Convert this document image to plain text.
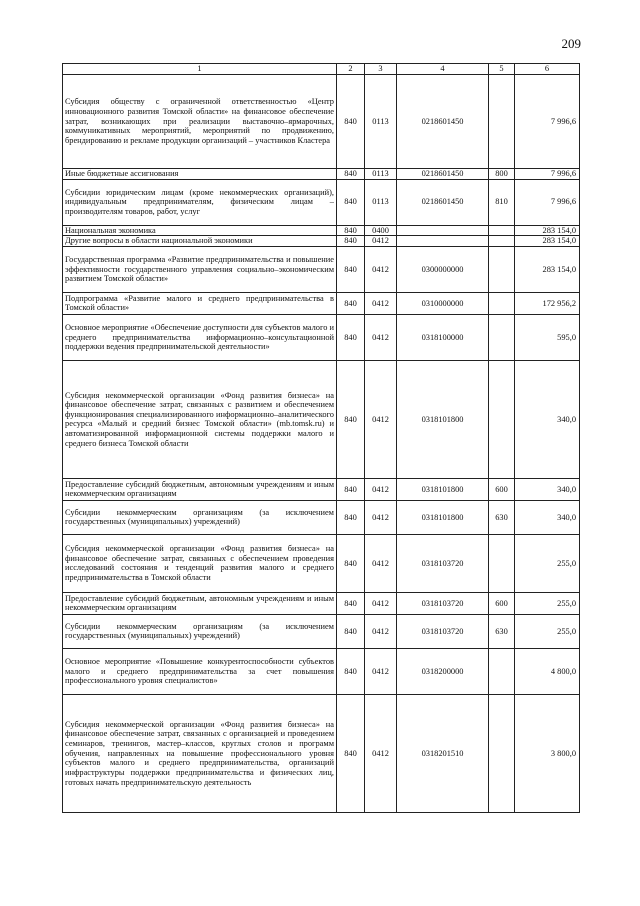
209
1	2	3	4	5	6
Субсидия обществу с ограниченной ответственностью «Центр инновационного развития Томской области» на финансовое обеспечение затрат, возникающих при реализации выставочно–ярмарочных, коммуникативных мероприятий, мероприятий по продвижению, брендированию и рекламе продукции организаций – участников Кластера	840	0113	0218601450		7 996,6
Иные бюджетные ассигнования	840	0113	0218601450	800	7 996,6
Субсидии юридическим лицам (кроме некоммерческих организаций), индивидуальным предпринимателям, физическим лицам – производителям товаров, работ, услуг	840	0113	0218601450	810	7 996,6
Национальная экономика	840	0400			283 154,0
Другие вопросы в области национальной экономики	840	0412			283 154,0
Государственная программа «Развитие предпринимательства и повышение эффективности государственного управления социально–экономическим развитием Томской области»	840	0412	0300000000		283 154,0
Подпрограмма «Развитие малого и среднего предпринимательства в Томской области»	840	0412	0310000000		172 956,2
Основное мероприятие «Обеспечение доступности для субъектов малого и среднего предпринимательства информационно–консультационной поддержки ведения предпринимательской деятельности»	840	0412	0318100000		595,0
Субсидия некоммерческой организации «Фонд развития бизнеса» на финансовое обеспечение затрат, связанных с развитием и обеспечением функционирования специализированного информационно–аналитического ресурса «Малый и средний бизнес Томской области» (mb.tomsk.ru) и автоматизированной информационной системы поддержки малого и среднего бизнеса Томской области	840	0412	0318101800		340,0
Предоставление субсидий бюджетным, автономным учреждениям и иным некоммерческим организациям	840	0412	0318101800	600	340,0
Субсидии некоммерческим организациям (за исключением государственных (муниципальных) учреждений)	840	0412	0318101800	630	340,0
Субсидия некоммерческой организации «Фонд развития бизнеса» на финансовое обеспечение затрат, связанных с обеспечением проведения исследований состояния и тенденций развития малого и среднего предпринимательства в Томской области	840	0412	0318103720		255,0
Предоставление субсидий бюджетным, автономным учреждениям и иным некоммерческим организациям	840	0412	0318103720	600	255,0
Субсидии некоммерческим организациям (за исключением государственных (муниципальных) учреждений)	840	0412	0318103720	630	255,0
Основное мероприятие «Повышение конкурентоспособности субъектов малого и среднего предпринимательства за счет повышения профессионального уровня специалистов»	840	0412	0318200000		4 800,0
Субсидия некоммерческой организации «Фонд развития бизнеса» на финансовое обеспечение затрат, связанных с организацией и проведением семинаров, тренингов, мастер–классов, круглых столов и программ обучения, направленных на повышение профессионального уровня субъектов малого и среднего предпринимательства, организаций инфраструктуры поддержки предпринимательства и физических лиц, готовых начать предпринимательскую деятельность	840	0412	0318201510		3 800,0
